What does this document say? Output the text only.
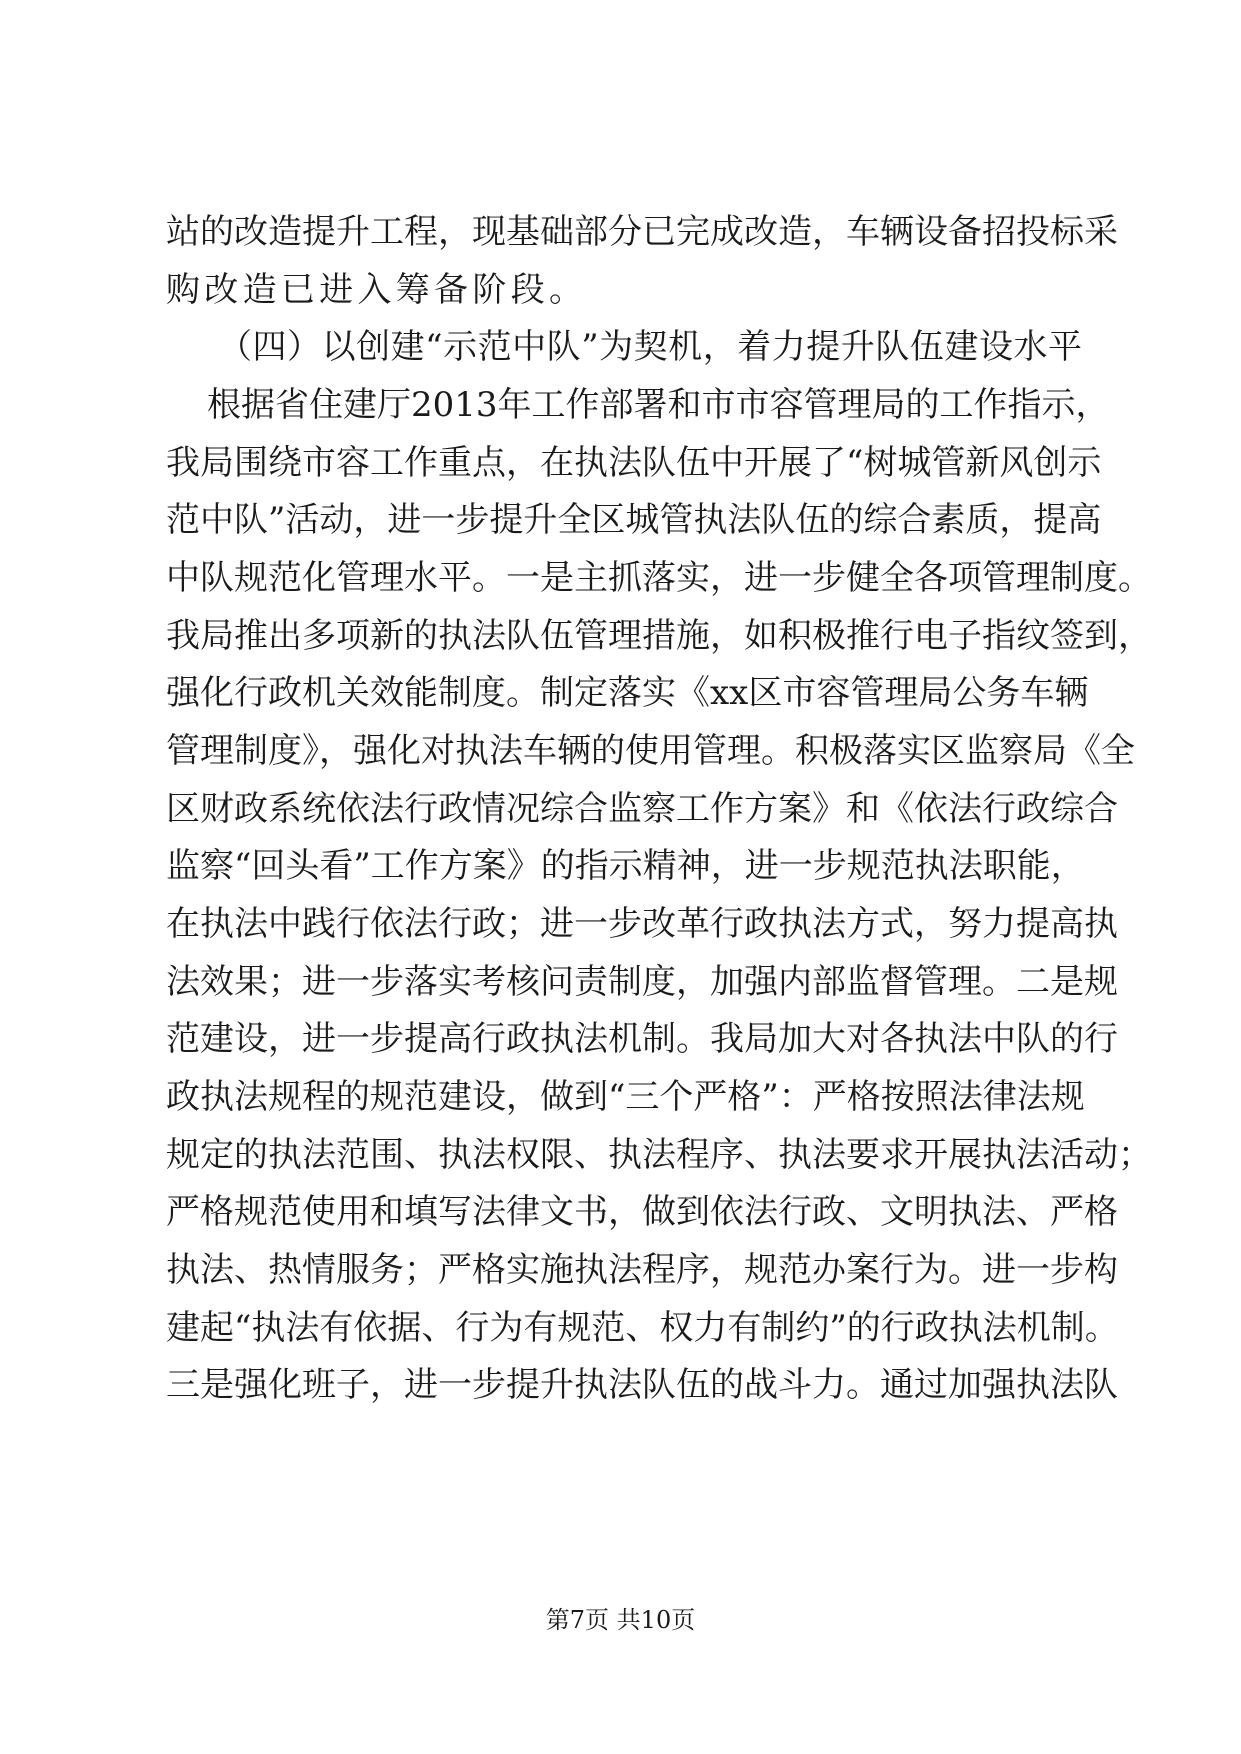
站的改造提升工程，现基础部分已完成改造，车辆设备招投标采
购改造已进入筹备阶段。
（四）以创建“示范中队”为契机，着力提升队伍建设水平
根据省住建厅2013年工作部署和市市容管理局的工作指示，
我局围绕市容工作重点，在执法队伍中开展了“树城管新风创示
范中队”活动，进一步提升全区城管执法队伍的综合素质，提高
中队规范化管理水平。一是主抓落实，进一步健全各项管理制度。
我局推出多项新的执法队伍管理措施，如积极推行电子指纹签到，
强化行政机关效能制度。制定落实《xx区市容管理局公务车辆
管理制度》，强化对执法车辆的使用管理。积极落实区监察局《全
区财政系统依法行政情况综合监察工作方案》和《依法行政综合
监察“回头看”工作方案》的指示精神，进一步规范执法职能，
在执法中践行依法行政；进一步改革行政执法方式，努力提高执
法效果；进一步落实考核问责制度，加强内部监督管理。二是规
范建设，进一步提高行政执法机制。我局加大对各执法中队的行
政执法规程的规范建设，做到“三个严格”：严格按照法律法规
规定的执法范围、执法权限、执法程序、执法要求开展执法活动；
严格规范使用和填写法律文书，做到依法行政、文明执法、严格
执法、热情服务；严格实施执法程序，规范办案行为。进一步构
建起“执法有依据、行为有规范、权力有制约”的行政执法机制。
三是强化班子，进一步提升执法队伍的战斗力。通过加强执法队
第7页 共10页
